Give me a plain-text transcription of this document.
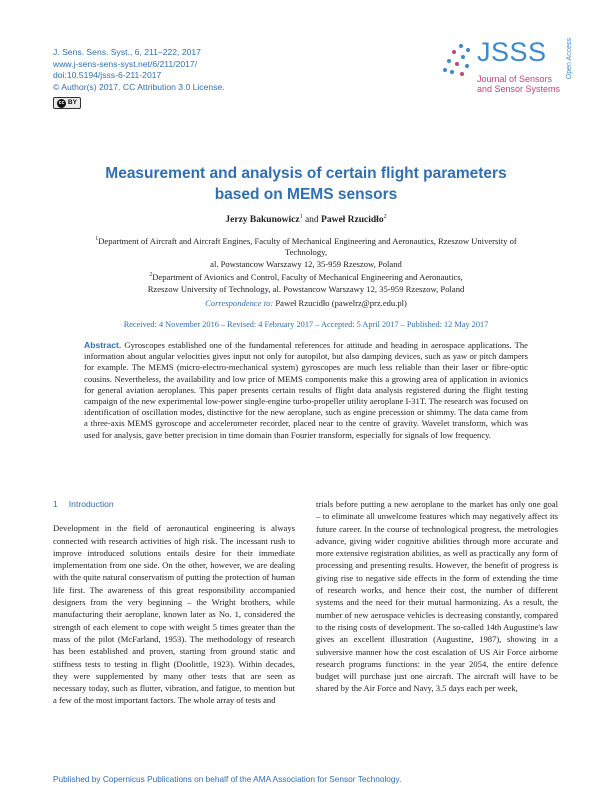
J. Sens. Sens. Syst., 6, 211–222, 2017
www.j-sens-sens-syst.net/6/211/2017/
doi:10.5194/jsss-6-211-2017
© Author(s) 2017. CC Attribution 3.0 License.
cc BY
JSSS
Journal of Sensors
and Sensor Systems
Open Access
Measurement and analysis of certain flight parameters
based on MEMS sensors
Jerzy Bakunowicz$^1$ and Paweł Rzucidło$^2$
$^1$Department of Aircraft and Aircraft Engines, Faculty of Mechanical Engineering and Aeronautics, Rzeszow University of Technology,
al. Powstancow Warszawy 12, 35-959 Rzeszow, Poland
$^2$Department of Avionics and Control, Faculty of Mechanical Engineering and Aeronautics,
Rzeszow University of Technology, al. Powstancow Warszawy 12, 35-959 Rzeszow, Poland
Correspondence to: Paweł Rzucidło (pawelrz@prz.edu.pl)
Received: 4 November 2016 – Revised: 4 February 2017 – Accepted: 5 April 2017 – Published: 12 May 2017
Abstract. Gyroscopes established one of the fundamental references for attitude and heading in aerospace applications. The information about angular velocities gives input not only for autopilot, but also damping devices, such as yaw or pitch dampers for example. The MEMS (micro-electro-mechanical system) gyroscopes are much less reliable than their laser or fibre-optic cousins. Nevertheless, the availability and low price of MEMS components make this a growing area of application in avionics for general aviation aeroplanes. This paper presents certain results of flight data analysis registered during the flight testing campaign of the new experimental low-power single-engine turbo-propeller utility aeroplane I-31T. The research was focused on identification of oscillation modes, distinctive for the new aeroplane, such as engine precession or shimmy. The data came from a three-axis MEMS gyroscope and accelerometer recorder, placed near to the centre of gravity. Wavelet transform, which was used for analysis, gave better precision in time domain than Fourier transform, especially for signals of low frequency.
1 Introduction
Development in the field of aeronautical engineering is always connected with research activities of high risk. The incessant rush to improve introduced solutions entails desire for their immediate implementation from one side. On the other, however, we are dealing with the quite natural conservatism of putting the protection of human life first. The awareness of this great responsibility accompanied designers from the very beginning – the Wright brothers, while manufacturing their aeroplane, known later as No. 1, considered the strength of each element to cope with weight 5 times greater than the mass of the pilot (McFarland, 1953). The methodology of research has been established and proven, starting from ground static and stiffness tests to testing in flight (Doolittle, 1923). Within decades, they were supplemented by many other tests that are seen as necessary today, such as flutter, vibration, and fatigue, to mention but a few of the most important factors. The whole array of tests and
trials before putting a new aeroplane to the market has only one goal – to eliminate all unwelcome features which may negatively affect its future career. In the course of technological progress, the metrologies advance, giving wider cognitive abilities through more accurate and more extensive registration abilities, as well as practically any form of processing and presenting results. However, the benefit of progress is giving rise to negative side effects in the form of extending the time of research works, and hence their cost, the number of different systems and the need for their mutual harmonizing. As a result, the number of new aerospace vehicles is decreasing constantly, compared to the rising costs of development. The so-called 14th Augustine's law gives an excellent illustration (Augustine, 1987), showing in a subversive manner how the cost escalation of US Air Force airborne research programs functions: in the year 2054, the entire defence budget will purchase just one aircraft. The aircraft will have to be shared by the Air Force and Navy, 3.5 days each per week,
Published by Copernicus Publications on behalf of the AMA Association for Sensor Technology.
